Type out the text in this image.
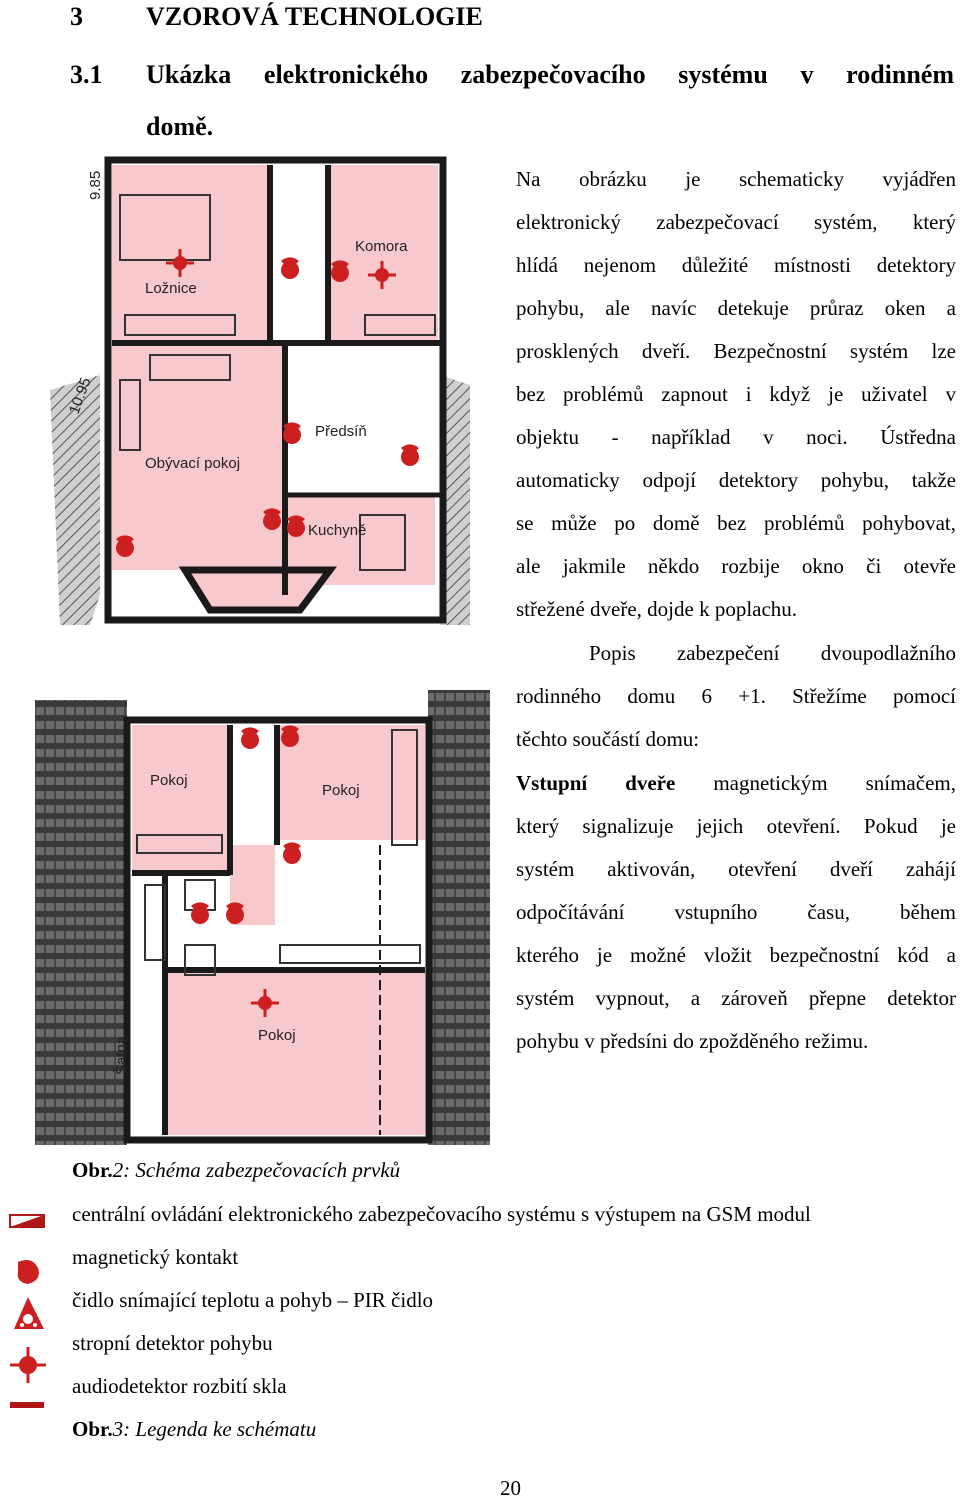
3 VZOROVÁ TECHNOLOGIE
3.1 Ukázka elektronického zabezpečovacího systému v rodinném
domě.
Ložnice
Komora
Obývací pokoj
Předsíň
Kuchyně
9.85
10.95
Pokoj
Pokoj
Pokoj
Šatna
Na obrázku je schematicky vyjádřen
elektronický zabezpečovací systém, který
hlídá nejenom důležité místnosti detektory
pohybu, ale navíc detekuje průraz oken a
prosklených dveří. Bezpečnostní systém lze
bez problémů zapnout i když je uživatel v
objektu - například v noci. Ústředna
automaticky odpojí detektory pohybu, takže
se může po domě bez problémů pohybovat,
ale jakmile někdo rozbije okno či otevře
střežené dveře, dojde k poplachu.
Popis zabezpečení dvoupodlažního
rodinného domu 6 +1. Střežíme pomocí
těchto součástí domu:
Vstupní dveře magnetickým snímačem,
který signalizuje jejich otevření. Pokud je
systém aktivován, otevření dveří zahájí
odpočítávání vstupního času, během
kterého je možné vložit bezpečnostní kód a
systém vypnout, a zároveň přepne detektor
pohybu v předsíni do zpožděného režimu.
Obr.2: Schéma zabezpečovacích prvků
centrální ovládání elektronického zabezpečovacího systému s výstupem na GSM modul
magnetický kontakt
čidlo snímající teplotu a pohyb – PIR čidlo
stropní detektor pohybu
audiodetektor rozbití skla
Obr.3: Legenda ke schématu
20
